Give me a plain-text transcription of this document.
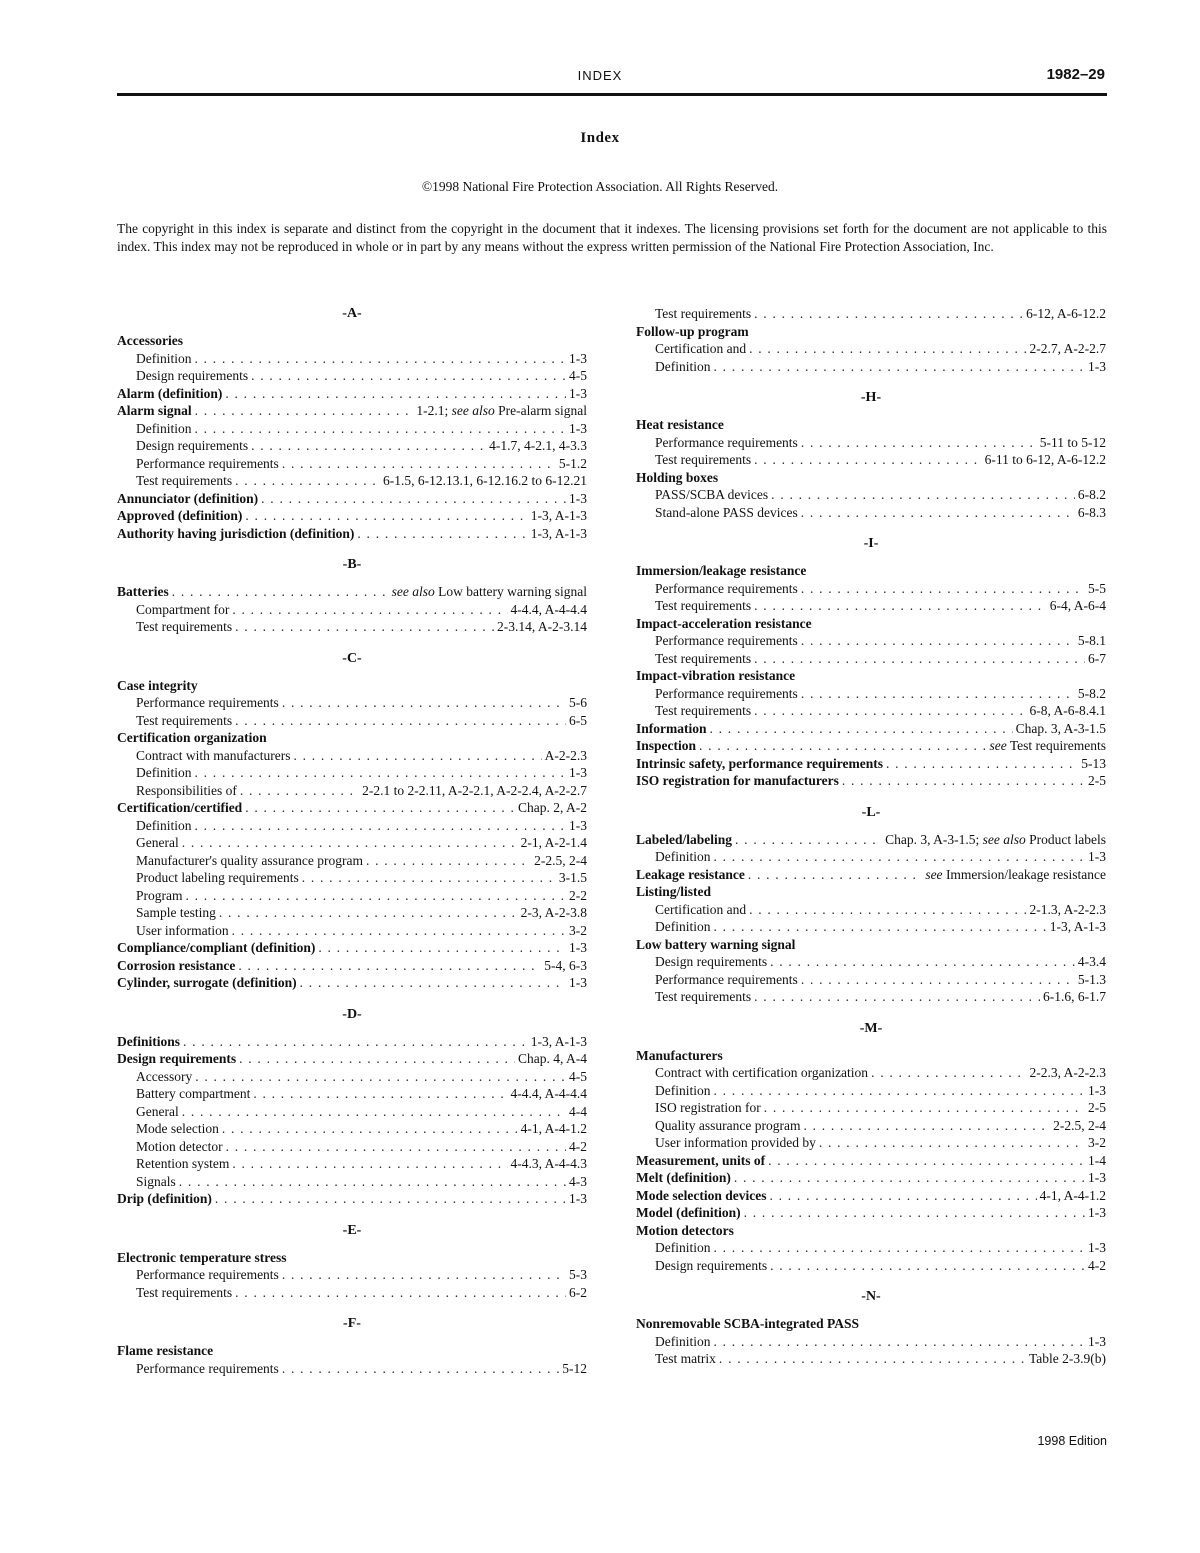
INDEX	1982–29
Index
©1998 National Fire Protection Association. All Rights Reserved.
The copyright in this index is separate and distinct from the copyright in the document that it indexes. The licensing provisions set forth for the document are not applicable to this index. This index may not be reproduced in whole or in part by any means without the express written permission of the National Fire Protection Association, Inc.
-A-
Accessories
Definition . . .	1-3
Design requirements . . .	4-5
Alarm (definition) . . .	1-3
Alarm signal . . .	1-2.1; see also Pre-alarm signal
Definition . . .	1-3
Design requirements . . .	4-1.7, 4-2.1, 4-3.3
Performance requirements . . .	5-1.2
Test requirements . . .	6-1.5, 6-12.13.1, 6-12.16.2 to 6-12.21
Annunciator (definition) . . .	1-3
Approved (definition) . . .	1-3, A-1-3
Authority having jurisdiction (definition) . . .	1-3, A-1-3
-B-
Batteries . . .	see also Low battery warning signal
Compartment for . . .	4-4.4, A-4-4.4
Test requirements . . .	2-3.14, A-2-3.14
-C-
Case integrity
Performance requirements . . .	5-6
Test requirements . . .	6-5
Certification organization
Contract with manufacturers . . .	A-2-2.3
Definition . . .	1-3
Responsibilities of . . .	2-2.1 to 2-2.11, A-2-2.1, A-2-2.4, A-2-2.7
Certification/certified . . .	Chap. 2, A-2
Definition . . .	1-3
General . . .	2-1, A-2-1.4
Manufacturer's quality assurance program . . .	2-2.5, 2-4
Product labeling requirements . . .	3-1.5
Program . . .	2-2
Sample testing . . .	2-3, A-2-3.8
User information . . .	3-2
Compliance/compliant (definition) . . .	1-3
Corrosion resistance . . .	5-4, 6-3
Cylinder, surrogate (definition) . . .	1-3
-D-
Definitions . . .	1-3, A-1-3
Design requirements . . .	Chap. 4, A-4
Accessory . . .	4-5
Battery compartment . . .	4-4.4, A-4-4.4
General . . .	4-4
Mode selection . . .	4-1, A-4-1.2
Motion detector . . .	4-2
Retention system . . .	4-4.3, A-4-4.3
Signals . . .	4-3
Drip (definition) . . .	1-3
-E-
Electronic temperature stress
Performance requirements . . .	5-3
Test requirements . . .	6-2
-F-
Flame resistance
Performance requirements . . .	5-12
Test requirements . . .	6-12, A-6-12.2
Follow-up program
Certification and . . .	2-2.7, A-2-2.7
Definition . . .	1-3
-H-
Heat resistance
Performance requirements . . .	5-11 to 5-12
Test requirements . . .	6-11 to 6-12, A-6-12.2
Holding boxes
PASS/SCBA devices . . .	6-8.2
Stand-alone PASS devices . . .	6-8.3
-I-
Immersion/leakage resistance
Performance requirements . . .	5-5
Test requirements . . .	6-4, A-6-4
Impact-acceleration resistance
Performance requirements . . .	5-8.1
Test requirements . . .	6-7
Impact-vibration resistance
Performance requirements . . .	5-8.2
Test requirements . . .	6-8, A-6-8.4.1
Information . . .	Chap. 3, A-3-1.5
Inspection . . .	see Test requirements
Intrinsic safety, performance requirements . . .	5-13
ISO registration for manufacturers . . .	2-5
-L-
Labeled/labeling . . .	Chap. 3, A-3-1.5; see also Product labels
Definition . . .	1-3
Leakage resistance . . .	see Immersion/leakage resistance
Listing/listed
Certification and . . .	2-1.3, A-2-2.3
Definition . . .	1-3, A-1-3
Low battery warning signal
Design requirements . . .	4-3.4
Performance requirements . . .	5-1.3
Test requirements . . .	6-1.6, 6-1.7
-M-
Manufacturers
Contract with certification organization . . .	2-2.3, A-2-2.3
Definition . . .	1-3
ISO registration for . . .	2-5
Quality assurance program . . .	2-2.5, 2-4
User information provided by . . .	3-2
Measurement, units of . . .	1-4
Melt (definition) . . .	1-3
Mode selection devices . . .	4-1, A-4-1.2
Model (definition) . . .	1-3
Motion detectors
Definition . . .	1-3
Design requirements . . .	4-2
-N-
Nonremovable SCBA-integrated PASS
Definition . . .	1-3
Test matrix . . .	Table 2-3.9(b)
1998 Edition
